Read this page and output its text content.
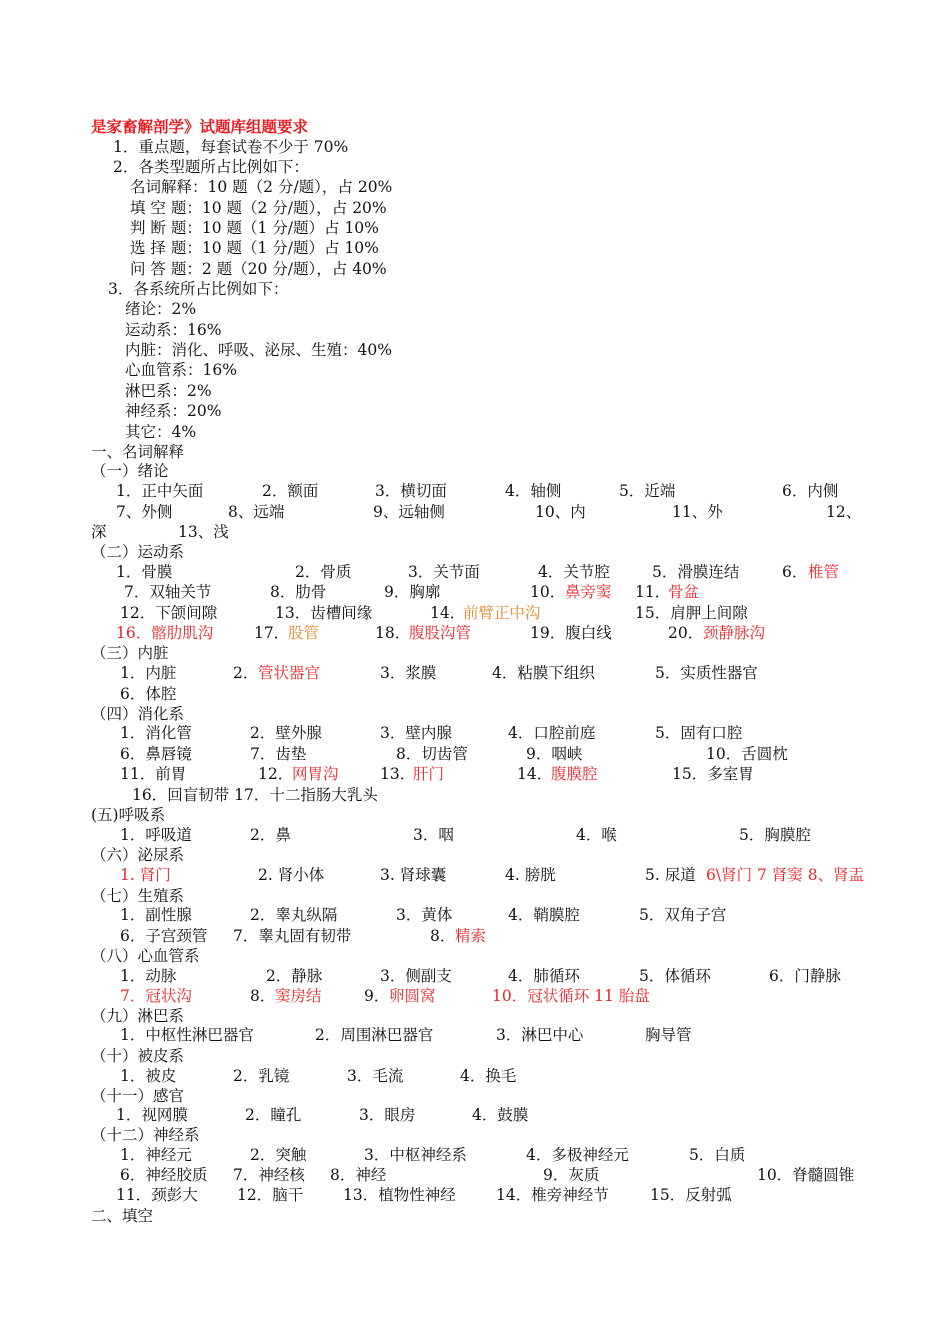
是家畜解剖学》试题库组题要求
1．重点题，每套试卷不少于 70%
2．各类型题所占比例如下：
名词解释：10 题（2 分/题），占 20%
填 空 题：10 题（2 分/题），占 20%
判 断 题：10 题（1 分/题）占 10%
选 择 题：10 题（1 分/题）占 10%
问 答 题：2 题（20 分/题），占 40%
3．各系统所占比例如下：
绪论：2%
运动系：16%
内脏：消化、呼吸、泌尿、生殖：40%
心血管系：16%
淋巴系：2%
神经系：20%
其它：4%
一、名词解释
（一）绪论
1．正中矢面	2．额面	3．横切面	4．轴侧	5．近端	6．内侧
7、外侧	8、远端	9、远轴侧	10、内	11、外	12、
深	13、浅
（二）运动系
1．骨膜	2．骨质	3．关节面	4．关节腔	5．滑膜连结	6． 椎管
7．双轴关节	8．肋骨	9．胸廓	10． 鼻旁窦 11．
骨盆
12．下颌间隙	13．齿槽间缘	14．
前臂正中沟	15．肩胛上间隙
16．髂肋肌沟	17．
股管	18．
腹股沟管	19．腹白线	20． 颈静脉沟
（三）内脏
1．内脏	2． 管状器官	3．浆膜	4．粘膜下组织	5．实质性器官
6．体腔
（四）消化系
1．消化管	2．壁外腺	3．壁内腺	4．口腔前庭	5．固有口腔
6．鼻唇镜	7．齿垫	8．切齿管	9．咽峡	10．舌圆枕
11．前胃	12．
网胃沟	13．
肝门	14．
腹膜腔	15．多室胃
16．回盲韧带 17．十二指肠大乳头
(五)呼吸系
1．呼吸道	2．鼻	3．咽	4．喉	5．胸膜腔
（六）泌尿系
1. 肾门	2. 肾小体	3. 肾球囊	4. 膀胱	5. 尿道 6\肾门 7 肾窦 8、肾盂
（七）生殖系
1．副性腺	2．睾丸纵隔	3．黄体	4．鞘膜腔	5．双角子宫
6．子宫颈管 7．睾丸固有韧带	8． 精索
（八）心血管系
1．动脉	2．静脉	3．侧副支	4．肺循环	5．体循环	6．门静脉
7．冠状沟	8． 窦房结	9． 卵圆窝	10．冠状循环 11 胎盘
（九）淋巴系
1．中枢性淋巴器官	2．周围淋巴器官	3．淋巴中心	胸导管
（十）被皮系
1．被皮	2．乳镜	3．毛流	4．换毛
（十一）感官
1．视网膜	2．瞳孔	3．眼房	4．鼓膜
（十二）神经系
1．神经元	2．突触	3．中枢神经系	4．多极神经元	5．白质
6．神经胶质 7．神经核 8．神经	9．灰质	10．脊髓圆锥
11．颈彭大	12．脑干	13．植物性神经	14．椎旁神经节	15．反射弧
二、填空
